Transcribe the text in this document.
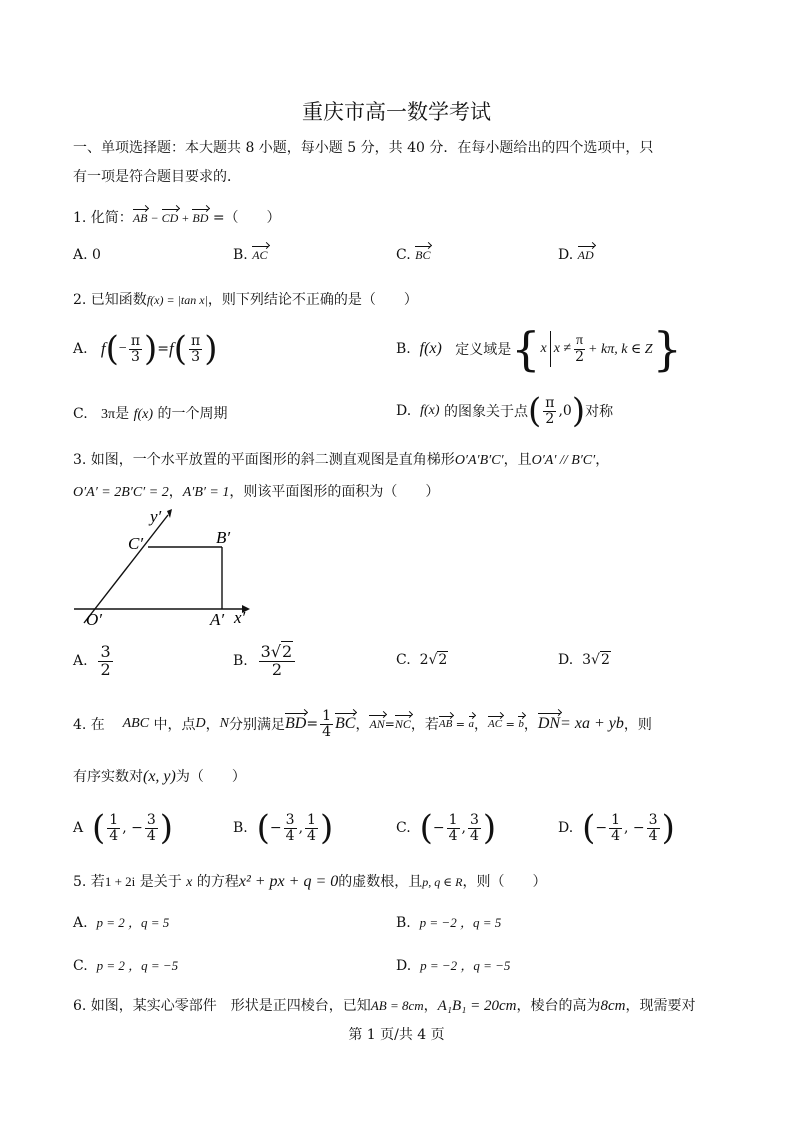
重庆市高一数学考试
一、单项选择题：本大题共 8 小题，每小题 5 分，共 40 分．在每小题给出的四个选项中，只
有一项是符合题目要求的．
1. 化简：AB − CD + BD =（　　）
A. 0	B. AC	C. BC	D. AD
2. 已知函数f(x) = |tan x|，则下列结论不正确的是（　　）
A.
f ( − $\frac{\pi}{3}$ ) = f ( $\frac{\pi}{3}$ )	B.
f(x)
定义域是 { x $x \ne \frac{\pi}{2} + k\pi$, k ∈ Z }
C. 3π是 f(x) 的一个周期	D.
f(x)
的图象关于点 ( $\frac{\pi}{2} ,0$ ) 对称
3. 如图，一个水平放置的平面图形的斜二测直观图是直角梯形O′A′B′C′，且O′A′ // B′C′，
O′A′ = 2B′C′ = 2，A′B′ = 1，则该平面图形的面积为（　　）
y′
C′	B′
O′	A′ x′
A.
$\frac{3}{2}$	B.
$\frac{3√2}{2}$	C. 2√2	D. 3√2
4. 在
ABC
中，点 D ， N 分别满足 BD = $\frac{1}{4}$ BC ， AN = NC ，若 AB = a ， AC = b ， DN = xa + yb ，则
有序实数对(x, y)为（　　）
A
( $\frac{1}{4}$ , − $\frac{3}{4}$ )	B.
( − $\frac{3}{4}$ , $\frac{1}{4}$ )	C.
( − $\frac{1}{4}$ , $\frac{3}{4}$ )	D.
( − $\frac{1}{4}$ , − $\frac{3}{4}$ )
5. 若1 + 2i 是关于 x 的方程x² + px + q = 0的虚数根，且p, q ∈ R，则（　　）
A. p = 2 ，q = 5	B. p = −2 ，q = 5
C. p = 2 ，q = −5	D. p = −2 ，q = −5
6. 如图，某实心零部件　形状是正四棱台，已知AB = 8cm，A₁B₁ = 20cm，棱台的高为8cm，现需要对
第 1 页/共 4 页
